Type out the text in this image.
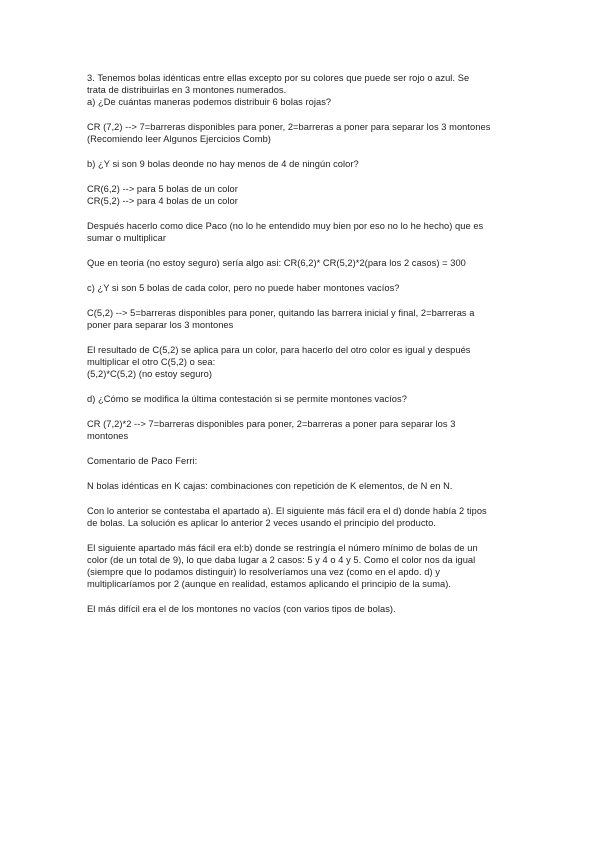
3. Tenemos bolas idénticas entre ellas excepto por su colores que puede ser rojo o azul. Se
trata de distribuirlas en 3 montones numerados.
a) ¿De cuántas maneras podemos distribuir 6 bolas rojas?

CR (7,2) --> 7=barreras disponibles para poner, 2=barreras a poner para separar los 3 montones
(Recomiendo leer Algunos Ejercicios Comb)

b) ¿Y si son 9 bolas deonde no hay menos de 4 de ningún color?

CR(6,2) --> para 5 bolas de un color
CR(5,2) --> para 4 bolas de un color

Después hacerlo como dice Paco (no lo he entendido muy bien por eso no lo he hecho) que es
sumar o multiplicar

Que en teoria (no estoy seguro) sería algo asi: CR(6,2)* CR(5,2)*2(para los 2 casos) = 300

c) ¿Y si son 5 bolas de cada color, pero no puede haber montones vacíos?

C(5,2) --> 5=barreras disponibles para poner, quitando las barrera inicial y final, 2=barreras a
poner para separar los 3 montones

El resultado de C(5,2) se aplica para un color, para hacerlo del otro color es igual y después
multiplicar el otro C(5,2) o sea:
(5,2)*C(5,2) (no estoy seguro)

d) ¿Cómo se modifica la última contestación si se permite montones vacíos?

CR (7,2)*2 --> 7=barreras disponibles para poner, 2=barreras a poner para separar los 3
montones

Comentario de Paco Ferri:

N bolas idénticas en K cajas: combinaciones con repetición de K elementos, de N en N.

Con lo anterior se contestaba el apartado a). El siguiente más fácil era el d) donde había 2 tipos
de bolas. La solución es aplicar lo anterior 2 veces usando el principio del producto.

El siguiente apartado más fácil era el:b) donde se restringía el número mínimo de bolas de un
color (de un total de 9), lo que daba lugar a 2 casos: 5 y 4 o 4 y 5. Como el color nos da igual
(siempre que lo podamos distinguir) lo resolveríamos una vez (como en el apdo. d) y
multiplicaríamos por 2 (aunque en realidad, estamos aplicando el principio de la suma).

El más difícil era el de los montones no vacíos (con varios tipos de bolas).
